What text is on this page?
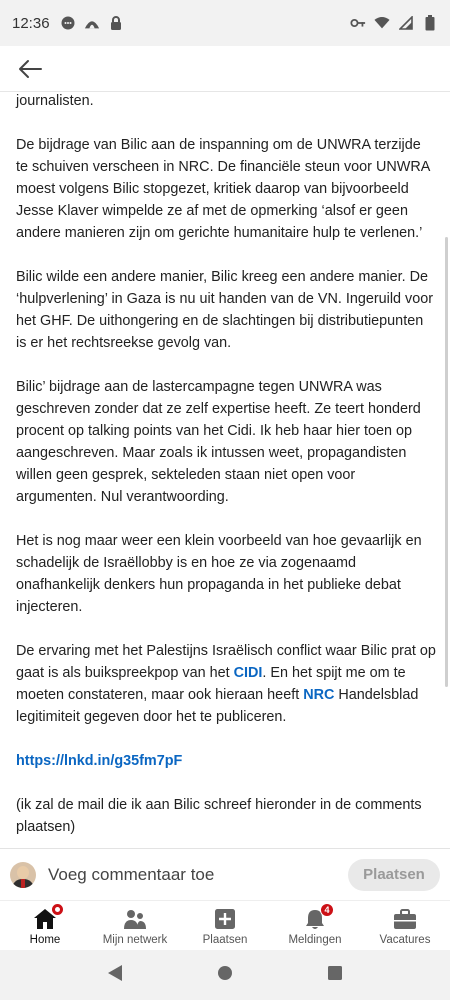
12:36

journalisten.

De bijdrage van Bilic aan de inspanning om de UNWRA terzijde te schuiven verscheen in NRC. De financiële steun voor UNWRA moest volgens Bilic stopgezet, kritiek daarop van bijvoorbeeld Jesse Klaver wimpelde ze af met de opmerking ‘alsof er geen andere manieren zijn om gerichte humanitaire hulp te verlenen.’

Bilic wilde een andere manier, Bilic kreeg een andere manier. De ‘hulpverlening’ in Gaza is nu uit handen van de VN. Ingeruild voor het GHF. De uithongering en de slachtingen bij distributiepunten is er het rechtsreekse gevolg van.

Bilic’ bijdrage aan de lastercampagne tegen UNWRA was geschreven zonder dat ze zelf expertise heeft. Ze teert honderd procent op talking points van het Cidi. Ik heb haar hier toen op aangeschreven. Maar zoals ik intussen weet, propagandisten willen geen gesprek, sekteleden staan niet open voor argumenten. Nul verantwoording.

Het is nog maar weer een klein voorbeeld van hoe gevaarlijk en schadelijk de Israëllobby is en hoe ze via zogenaamd onafhankelijk denkers hun propaganda in het publieke debat injecteren.

De ervaring met het Palestijns Israëlisch conflict waar Bilic prat op gaat is als buikspreekpop van het CIDI. En het spijt me om te moeten constateren, maar ook hieraan heeft NRC Handelsblad legitimiteit gegeven door het te publiceren.

https://lnkd.in/g35fm7pF

(ik zal de mail die ik aan Bilic schreef hieronder in de comments plaatsen)

Voeg commentaar toe	Plaatsen
Home	Mijn netwerk	Plaatsen
4
Meldingen	Vacatures
